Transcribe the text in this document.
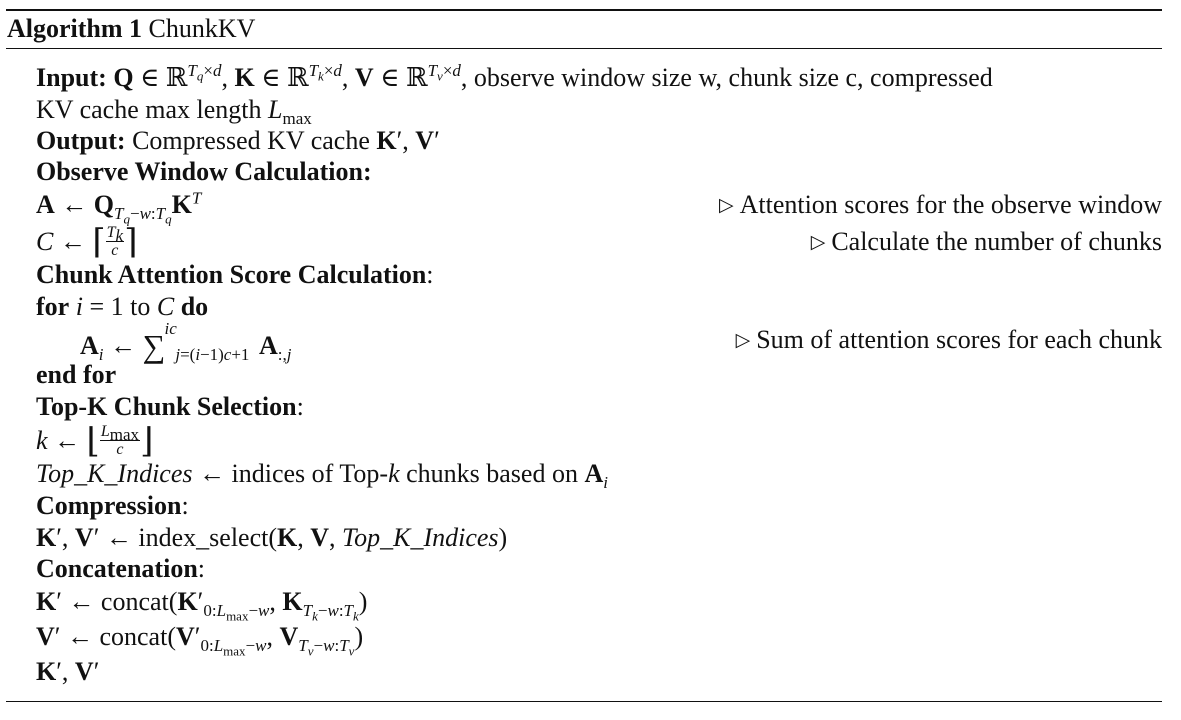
Algorithm 1 ChunkKV
Input: Q ∈ ℝ$^{T_q\times d}$, K ∈ ℝ$^{T_k\times d}$, V ∈ ℝ$^{T_v\times d}$, observe window size w, chunk size c, compressed
KV cache max length $L_{max}$
Output: Compressed KV cache K′, V′
Observe Window Calculation:
A ← $Q_{T_q-w:T_q}K^T$	▷ Attention scores for the observe window
C ← ⌈ $\frac{T_k}{c}$ ⌉	▷ Calculate the number of chunks
Chunk Attention Score Calculation:
for i = 1 to C do
$A_i$ ← ∑ ic
$_{j=(i-1)c+1}$ $A_{:,j}$
▷ Sum of attention scores for each chunk
end for
Top-K Chunk Selection:
k ← ⌊ $\frac{L_{max}}{c}$ ⌋
Top_K_Indices ← indices of Top-k chunks based on $A_i$
Compression:
K′, V′ ← index_select(K, V, Top_K_Indices)
Concatenation:
K′ ← $concat(K'_{0:L_{max}-w}$, $K_{T_k-w:T_k}$)
V′ ← $concat(V'_{0:L_{max}-w}$, $V_{T_v-w:T_v}$)
K′, V′
